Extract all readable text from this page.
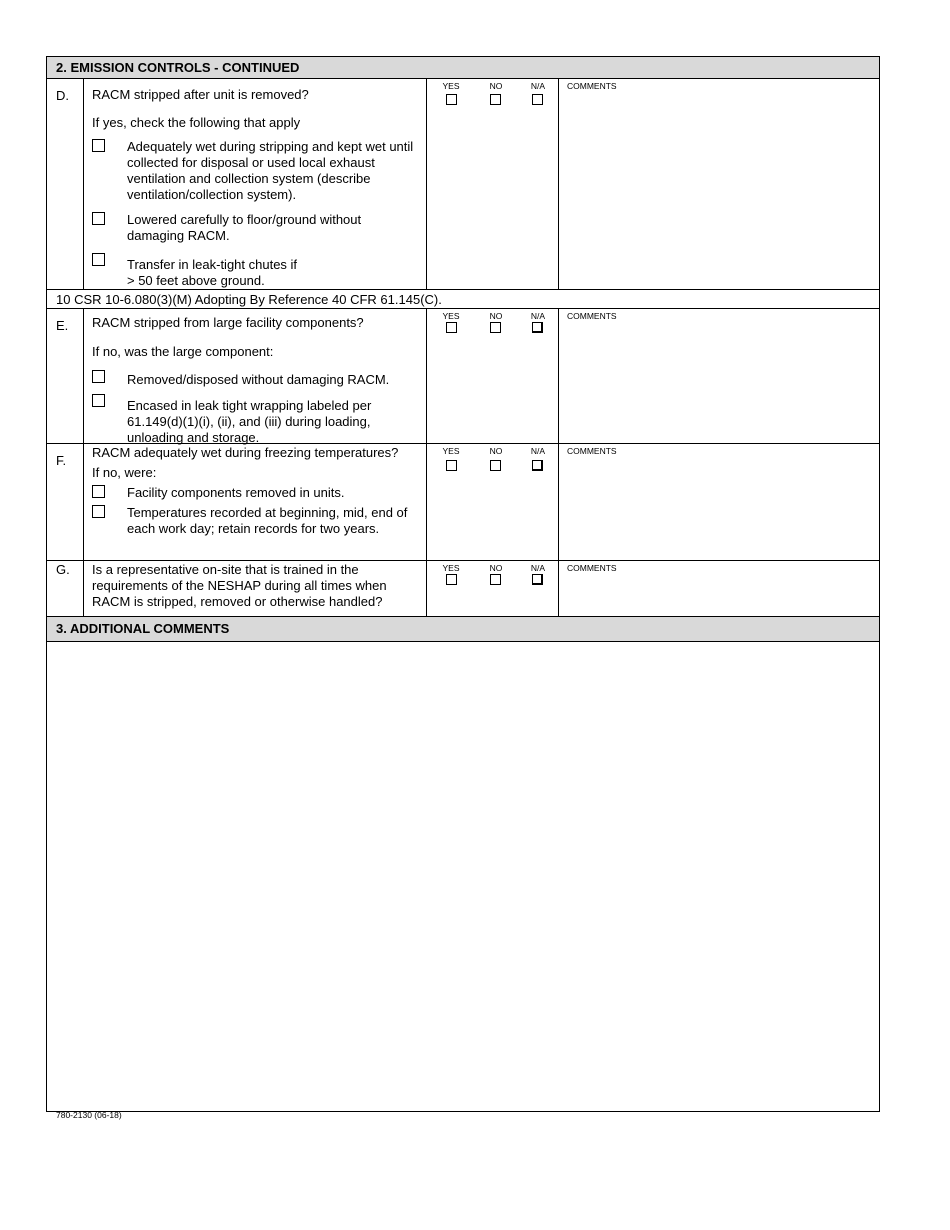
2. EMISSION CONTROLS - CONTINUED
D.	RACM stripped after unit is removed?
If yes, check the following that apply
Adequately wet during stripping and kept wet until collected for disposal or used local exhaust ventilation and collection system (describe ventilation/collection system).
Lowered carefully to floor/ground without damaging RACM.
Transfer in leak-tight chutes if
> 50 feet above ground.
YES	NO	N/A	COMMENTS
10 CSR 10-6.080(3)(M) Adopting By Reference 40 CFR 61.145(C).
E.	RACM stripped from large facility components?
If no, was the large component:
Removed/disposed without damaging RACM.
Encased in leak tight wrapping labeled per 61.149(d)(1)(i), (ii), and (iii) during loading, unloading and storage.
YES	NO	N/A	COMMENTS
F.
RACM adequately wet during freezing temperatures?
If no, were:
Facility components removed in units.
Temperatures recorded at beginning, mid, end of each work day; retain records for two years.
YES	NO	N/A	COMMENTS
G.	Is a representative on-site that is trained in the requirements of the NESHAP during all times when RACM is stripped, removed or otherwise handled?
YES	NO	N/A	COMMENTS
3. ADDITIONAL COMMENTS
780-2130 (06-18)
